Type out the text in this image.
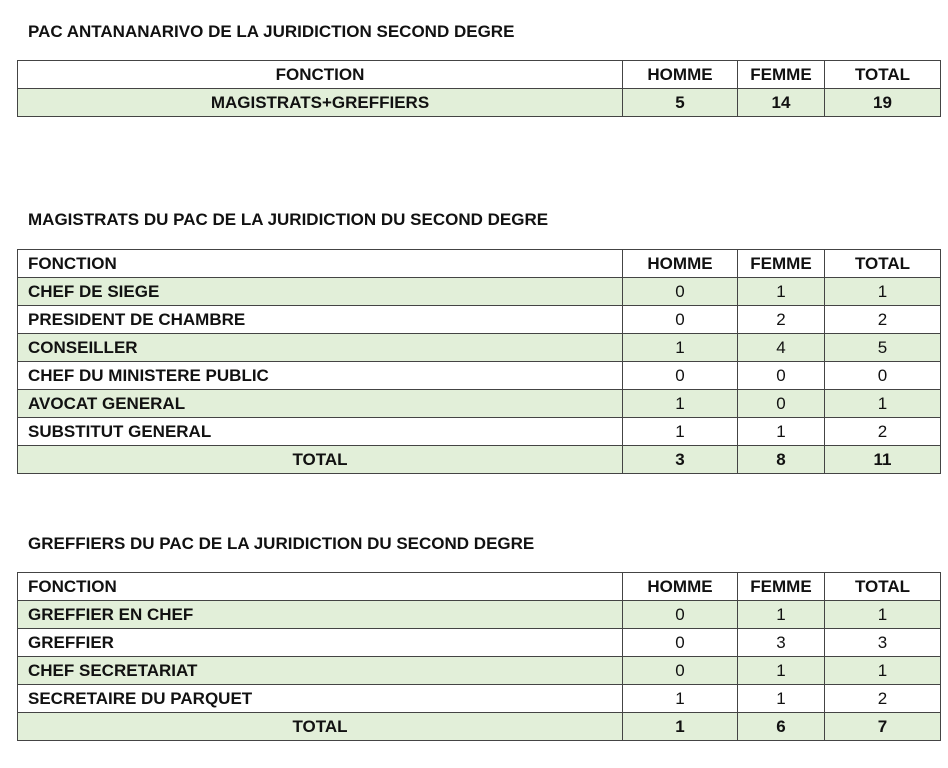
PAC ANTANANARIVO DE LA JURIDICTION SECOND DEGRE
FONCTION	HOMME	FEMME	TOTAL
MAGISTRATS+GREFFIERS	5	14	19
MAGISTRATS DU PAC DE LA JURIDICTION DU SECOND DEGRE
FONCTION	HOMME	FEMME	TOTAL
CHEF DE SIEGE	0	1	1
PRESIDENT DE CHAMBRE	0	2	2
CONSEILLER	1	4	5
CHEF DU MINISTERE PUBLIC	0	0	0
AVOCAT GENERAL	1	0	1
SUBSTITUT GENERAL	1	1	2
TOTAL	3	8	11
GREFFIERS DU PAC DE LA JURIDICTION DU SECOND DEGRE
FONCTION	HOMME	FEMME	TOTAL
GREFFIER EN CHEF	0	1	1
GREFFIER	0	3	3
CHEF SECRETARIAT	0	1	1
SECRETAIRE DU PARQUET	1	1	2
TOTAL	1	6	7
